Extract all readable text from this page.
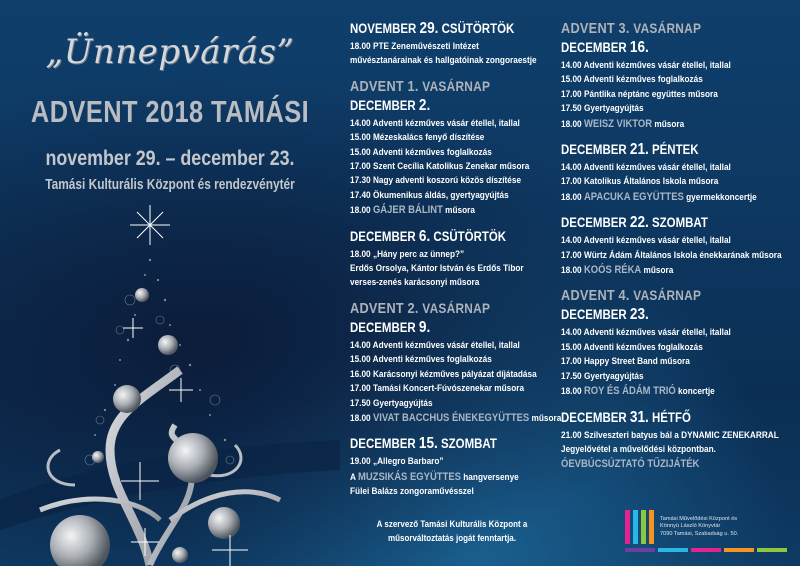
„Ünnepvárás”
ADVENT 2018 TAMÁSI
november 29. – december 23.
Tamási Kulturális Központ és rendezvénytér
NOVEMBER 29. CSÜTÖRTÖK
18.00 PTE Zeneművészeti Intézet
művésztanárainak és hallgatóinak zongoraestje
ADVENT 1. VASÁRNAP
DECEMBER 2.
14.00 Adventi kézműves vásár étellel, itallal
15.00 Mézeskalács fenyő díszítése
15.00 Adventi kézműves foglalkozás
17.00 Szent Cecília Katolikus Zenekar műsora
17.30 Nagy adventi koszorú közös díszítése
17.40 Ökumenikus áldás, gyertyagyújtás
18.00 GÁJER BÁLINT műsora
DECEMBER 6. CSÜTÖRTÖK
18.00 „Hány perc az ünnep?”
Erdős Orsolya, Kántor István és Erdős Tibor
verses-zenés karácsonyi műsora
ADVENT 2. VASÁRNAP
DECEMBER 9.
14.00 Adventi kézműves vásár étellel, itallal
15.00 Adventi kézműves foglalkozás
16.00 Karácsonyi kézműves pályázat díjátadása
17.00 Tamási Koncert-Fúvószenekar műsora
17.50 Gyertyagyújtás
18.00 VIVAT BACCHUS ÉNEKEGYÜTTES műsora
DECEMBER 15. SZOMBAT
19.00 „Allegro Barbaro”
A MUZSIKÁS EGYÜTTES hangversenye
Fülei Balázs zongoraművésszel
A szervező Tamási Kulturális Központ a
műsorváltoztatás jogát fenntartja.
ADVENT 3. VASÁRNAP
DECEMBER 16.
14.00 Adventi kézműves vásár étellel, itallal
15.00 Adventi kézműves foglalkozás
17.00 Pántlika néptánc együttes műsora
17.50 Gyertyagyújtás
18.00 WEISZ VIKTOR műsora
DECEMBER 21. PÉNTEK
14.00 Adventi kézműves vásár étellel, itallal
17.00 Katolikus Általános Iskola műsora
18.00 APACUKA EGYÜTTES gyermekkoncertje
DECEMBER 22. SZOMBAT
14.00 Adventi kézműves vásár étellel, itallal
17.00 Würtz Ádám Általános Iskola énekkarának műsora
18.00 KOÓS RÉKA műsora
ADVENT 4. VASÁRNAP
DECEMBER 23.
14.00 Adventi kézműves vásár étellel, itallal
15.00 Adventi kézműves foglalkozás
17.00 Happy Street Band műsora
17.50 Gyertyagyújtás
18.00 ROY ÉS ÁDÁM TRIÓ koncertje
DECEMBER 31. HÉTFŐ
21.00 Szilveszteri batyus bál a DYNAMIC ZENEKARRAL
Jegyelővétel a művelődési központban.
ÓEVBÚCSÚZTATÓ TŰZIJÁTÉK
Tamási Művelődési Központ és
Könnyü László Könyvtár
7090 Tamási, Szabadság u. 50.
